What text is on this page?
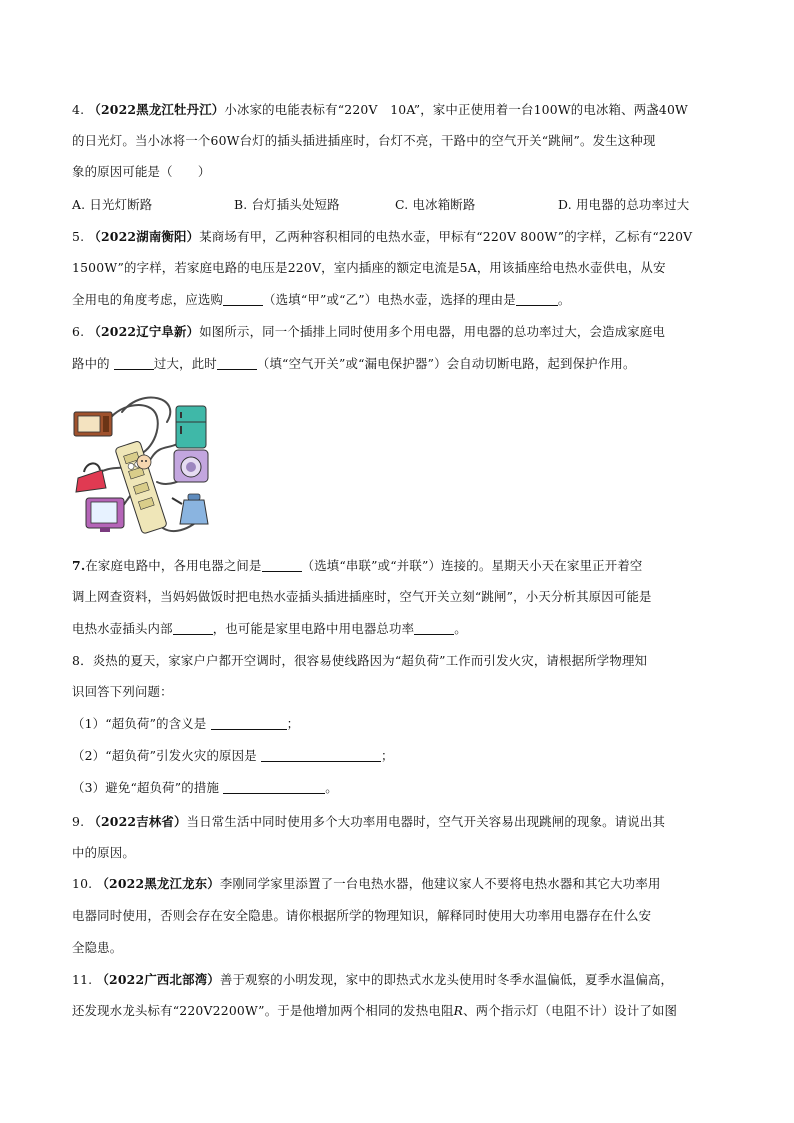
4. （2022黑龙江牡丹江）小冰家的电能表标有“220V　10A”，家中正使用着一台100W的电冰箱、两盏40W
的日光灯。当小冰将一个60W台灯的插头插进插座时，台灯不亮，干路中的空气开关“跳闸”。发生这种现
象的原因可能是（　　）
A. 日光灯断路	B. 台灯插头处短路	C. 电冰箱断路	D. 用电器的总功率过大
5. （2022湖南衡阳）某商场有甲，乙两种容积相同的电热水壶，甲标有“220V 800W”的字样，乙标有“220V
1500W”的字样，若家庭电路的电压是220V，室内插座的额定电流是5A，用该插座给电热水壶供电，从安
全用电的角度考虑，应选购	（选填“甲”或“乙”）电热水壶，选择的理由是	。
6. （2022辽宁阜新）如图所示，同一个插排上同时使用多个用电器，用电器的总功率过大，会造成家庭电
路中的	过大，此时	（填“空气开关”或“漏电保护器”）会自动切断电路，起到保护作用。
7.在家庭电路中，各用电器之间是	（选填“串联”或“并联”）连接的。星期天小天在家里正开着空
调上网查资料，当妈妈做饭时把电热水壶插头插进插座时，空气开关立刻“跳闸”，小天分析其原因可能是
电热水壶插头内部	，也可能是家里电路中用电器总功率	。
8．炎热的夏天，家家户户都开空调时，很容易使线路因为“超负荷”工作而引发火灾，请根据所学物理知
识回答下列问题：
（1）“超负荷”的含义是	；
（2）“超负荷”引发火灾的原因是	；
（3）避免“超负荷”的措施	。
9. （2022吉林省）当日常生活中同时使用多个大功率用电器时，空气开关容易出现跳闸的现象。请说出其
中的原因。
10. （2022黑龙江龙东）李刚同学家里添置了一台电热水器，他建议家人不要将电热水器和其它大功率用
电器同时使用，否则会存在安全隐患。请你根据所学的物理知识，解释同时使用大功率用电器存在什么安
全隐患。
11. （2022广西北部湾）善于观察的小明发现，家中的即热式水龙头使用时冬季水温偏低，夏季水温偏高，
还发现水龙头标有“220V2200W”。于是他增加两个相同的发热电阻R、两个指示灯（电阻不计）设计了如图
